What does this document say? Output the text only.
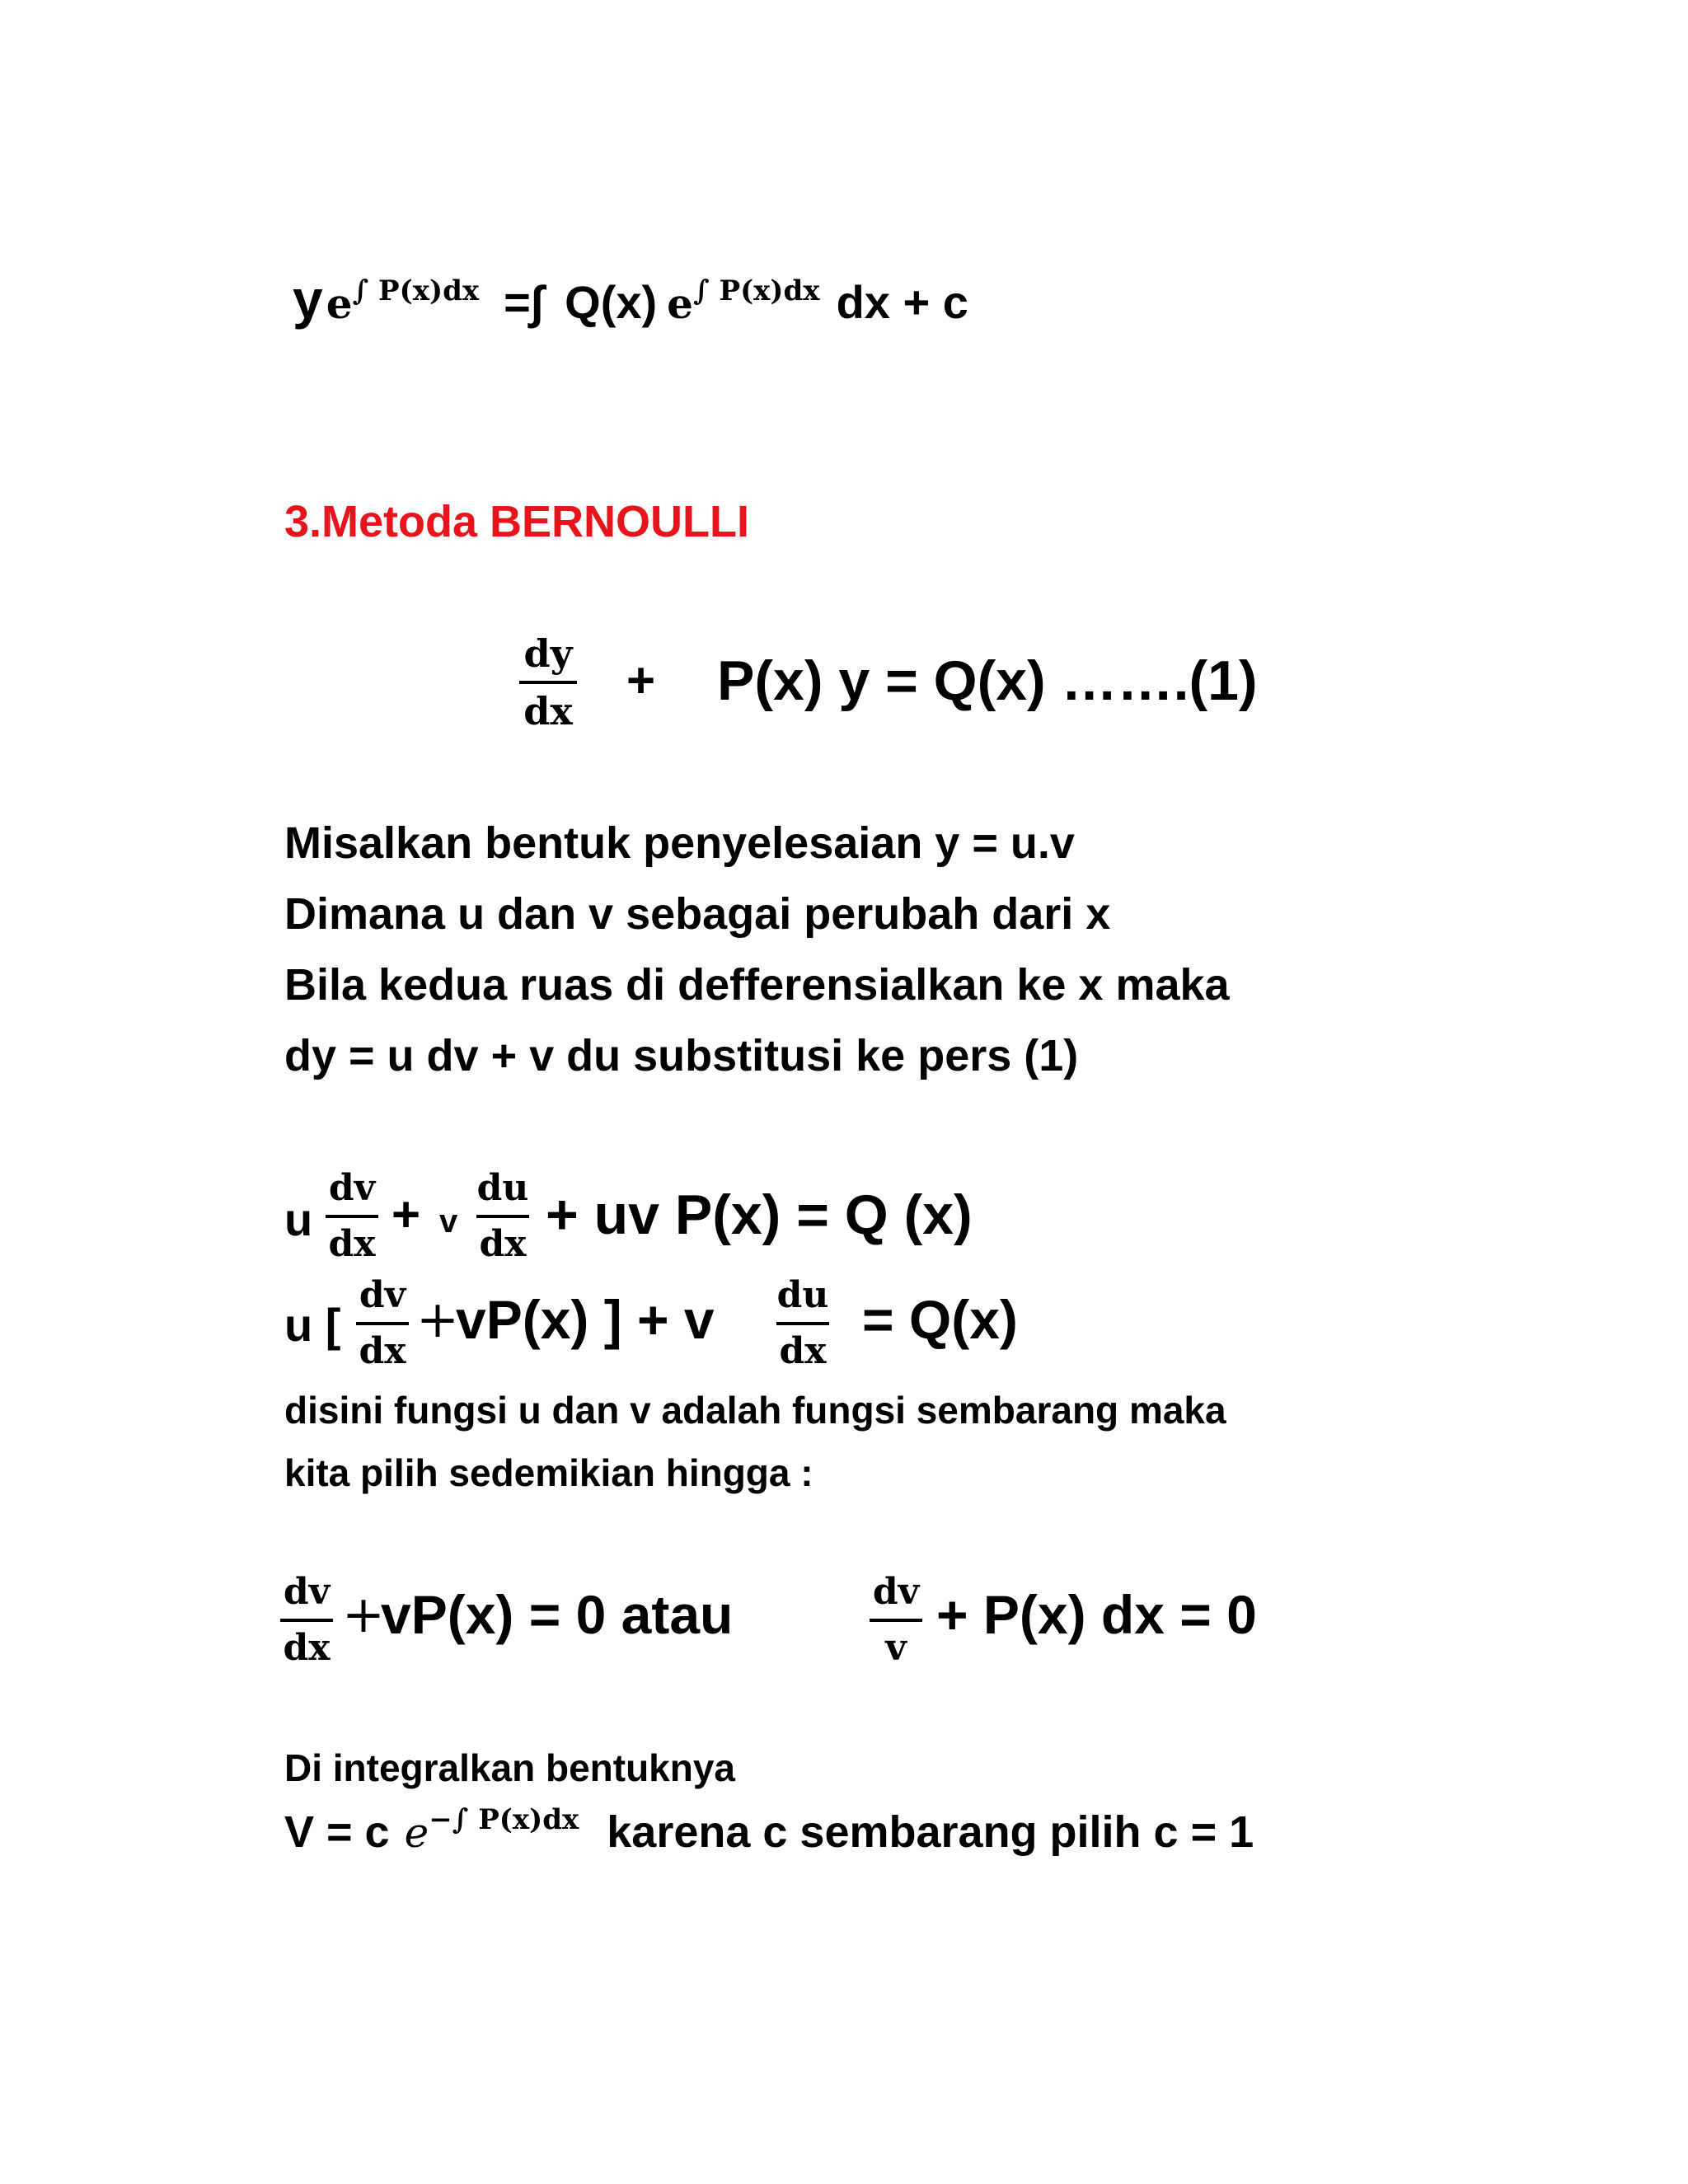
y e∫ P(x)dx =∫ Q(x) e∫ P(x)dx dx + c
3.Metoda BERNOULLI
dy
dx
+ P(x) y = Q(x) …….(1)
Misalkan bentuk penyelesaian y = u.v
Dimana u dan v sebagai perubah dari x
Bila kedua ruas di defferensialkan ke x maka
dy = u dv + v du substitusi ke pers (1)
u
dv
dx
+ v
du
dx + uv P(x) = Q (x)
u [
dv
dx
+
vP(x) ] + v du
dx
= Q(x)
disini fungsi u dan v adalah fungsi sembarang maka
kita pilih sedemikian hingga :
dv
dx
+
vP(x) = 0 atau	dv
v
+ P(x) dx = 0
Di integralkan bentuknya
V = c e−∫ P(x)dx karena c sembarang pilih c = 1
